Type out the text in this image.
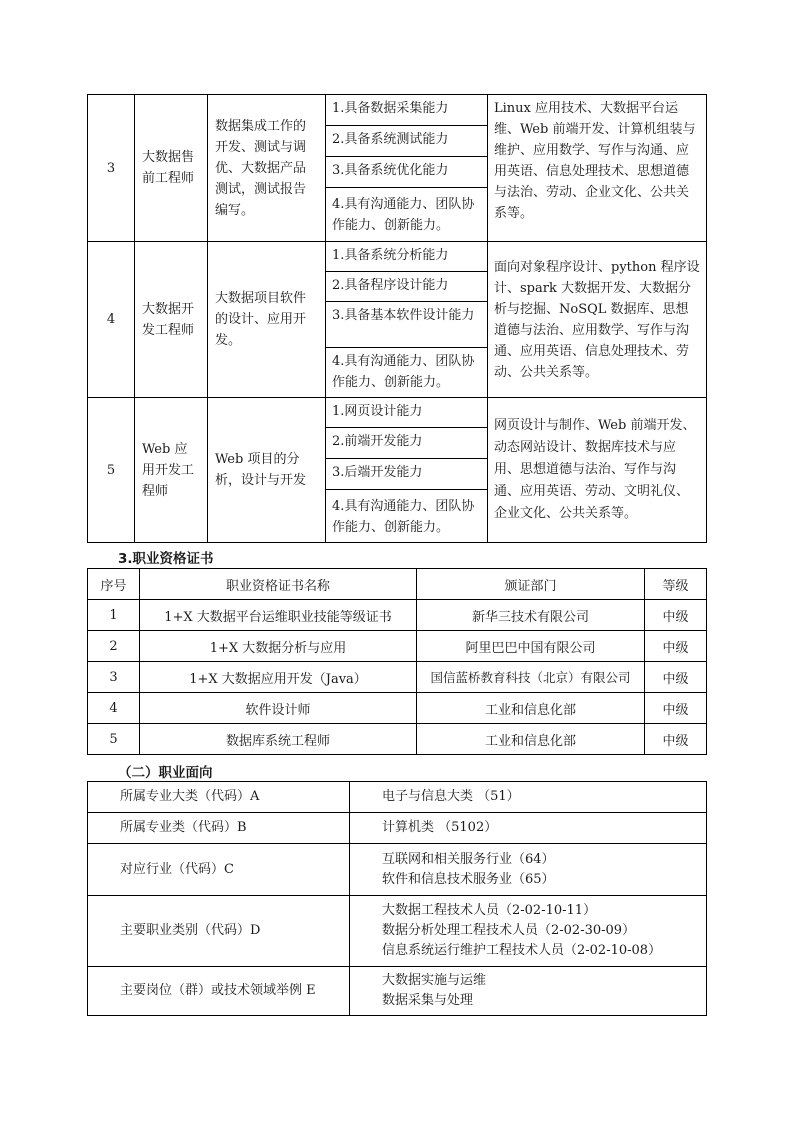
3	大数据售前工程师	数据集成工作的开发、测试与调优、大数据产品测试，测试报告编写。	1.具备数据采集能力
2.具备系统测试能力
3.具备系统优化能力
4.具有沟通能力、团队协作能力、创新能力。	Linux 应用技术、大数据平台运维、Web 前端开发、计算机组装与维护、应用数学、写作与沟通、应用英语、信息处理技术、思想道德与法治、劳动、企业文化、公共关系等。
4	大数据开发工程师	大数据项目软件的设计、应用开发。	1.具备系统分析能力
2.具备程序设计能力
3.具备基本软件设计能力
4.具有沟通能力、团队协作能力、创新能力。	面向对象程序设计、python 程序设计、spark 大数据开发、大数据分析与挖掘、NoSQL 数据库、思想道德与法治、应用数学、写作与沟通、应用英语、信息处理技术、劳动、公共关系等。
5	Web 应用开发工程师	Web 项目的分析，设计与开发	1.网页设计能力
2.前端开发能力
3.后端开发能力
4.具有沟通能力、团队协作能力、创新能力。	网页设计与制作、Web 前端开发、动态网站设计、数据库技术与应用、思想道德与法治、写作与沟通、应用英语、劳动、文明礼仪、企业文化、公共关系等。
3.职业资格证书
序号	职业资格证书名称	颁证部门	等级
1	1+X 大数据平台运维职业技能等级证书	新华三技术有限公司	中级
2	1+X 大数据分析与应用	阿里巴巴中国有限公司	中级
3	1+X 大数据应用开发（Java）	国信蓝桥教育科技（北京）有限公司	中级
4	软件设计师	工业和信息化部	中级
5	数据库系统工程师	工业和信息化部	中级
（二）职业面向
所属专业大类（代码）A	电子与信息大类 （51）

所属专业类（代码）B	计算机类 （5102）

对应行业（代码）C	互联网和相关服务行业（64）
软件和信息技术服务业（65）

主要职业类别（代码）D	大数据工程技术人员（2-02-10-11）
数据分析处理工程技术人员（2-02-30-09）
信息系统运行维护工程技术人员（2-02-10-08）

主要岗位（群）或技术领域举例 E	大数据实施与运维
数据采集与处理
